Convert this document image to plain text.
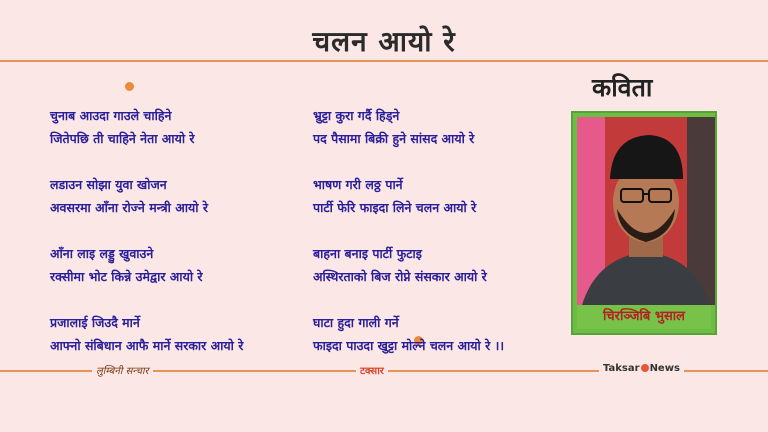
चलन आयो रे
चुनाब आउदा गाउले चाहिने
जितेपछि ती चाहिने नेता आयो रे
लडाउन सोझा युवा खोजन
अवसरमा आँना रोज्ने मन्त्री आयो रे
आँना लाइ लड्डु खुवाउने
रक्सीमा भोट किन्ने उमेद्वार आयो रे
प्रजालाई जिउदै मार्ने
आफ्नो संबिधान आफै मार्ने सरकार आयो रे
भ्रुट्टा कुरा गर्दै हिड्ने
पद पैसामा बिक्री हुने सांसद आयो रे
भाषण गरी लठ्ठ पार्ने
पार्टी फेरि फाइदा लिने चलन आयो रे
बाहना बनाइ पार्टी फुटाइ
अस्थिरताको बिज रोप्ने संसकार आयो रे
घाटा हुदा गाली गर्ने
फाइदा पाउदा खुट्टा मोल्ने चलन आयो रे ।।
कविता
चिरञ्जिबि भुसाल
लुम्बिनी सन्चार	टक्सार	Taksar News
